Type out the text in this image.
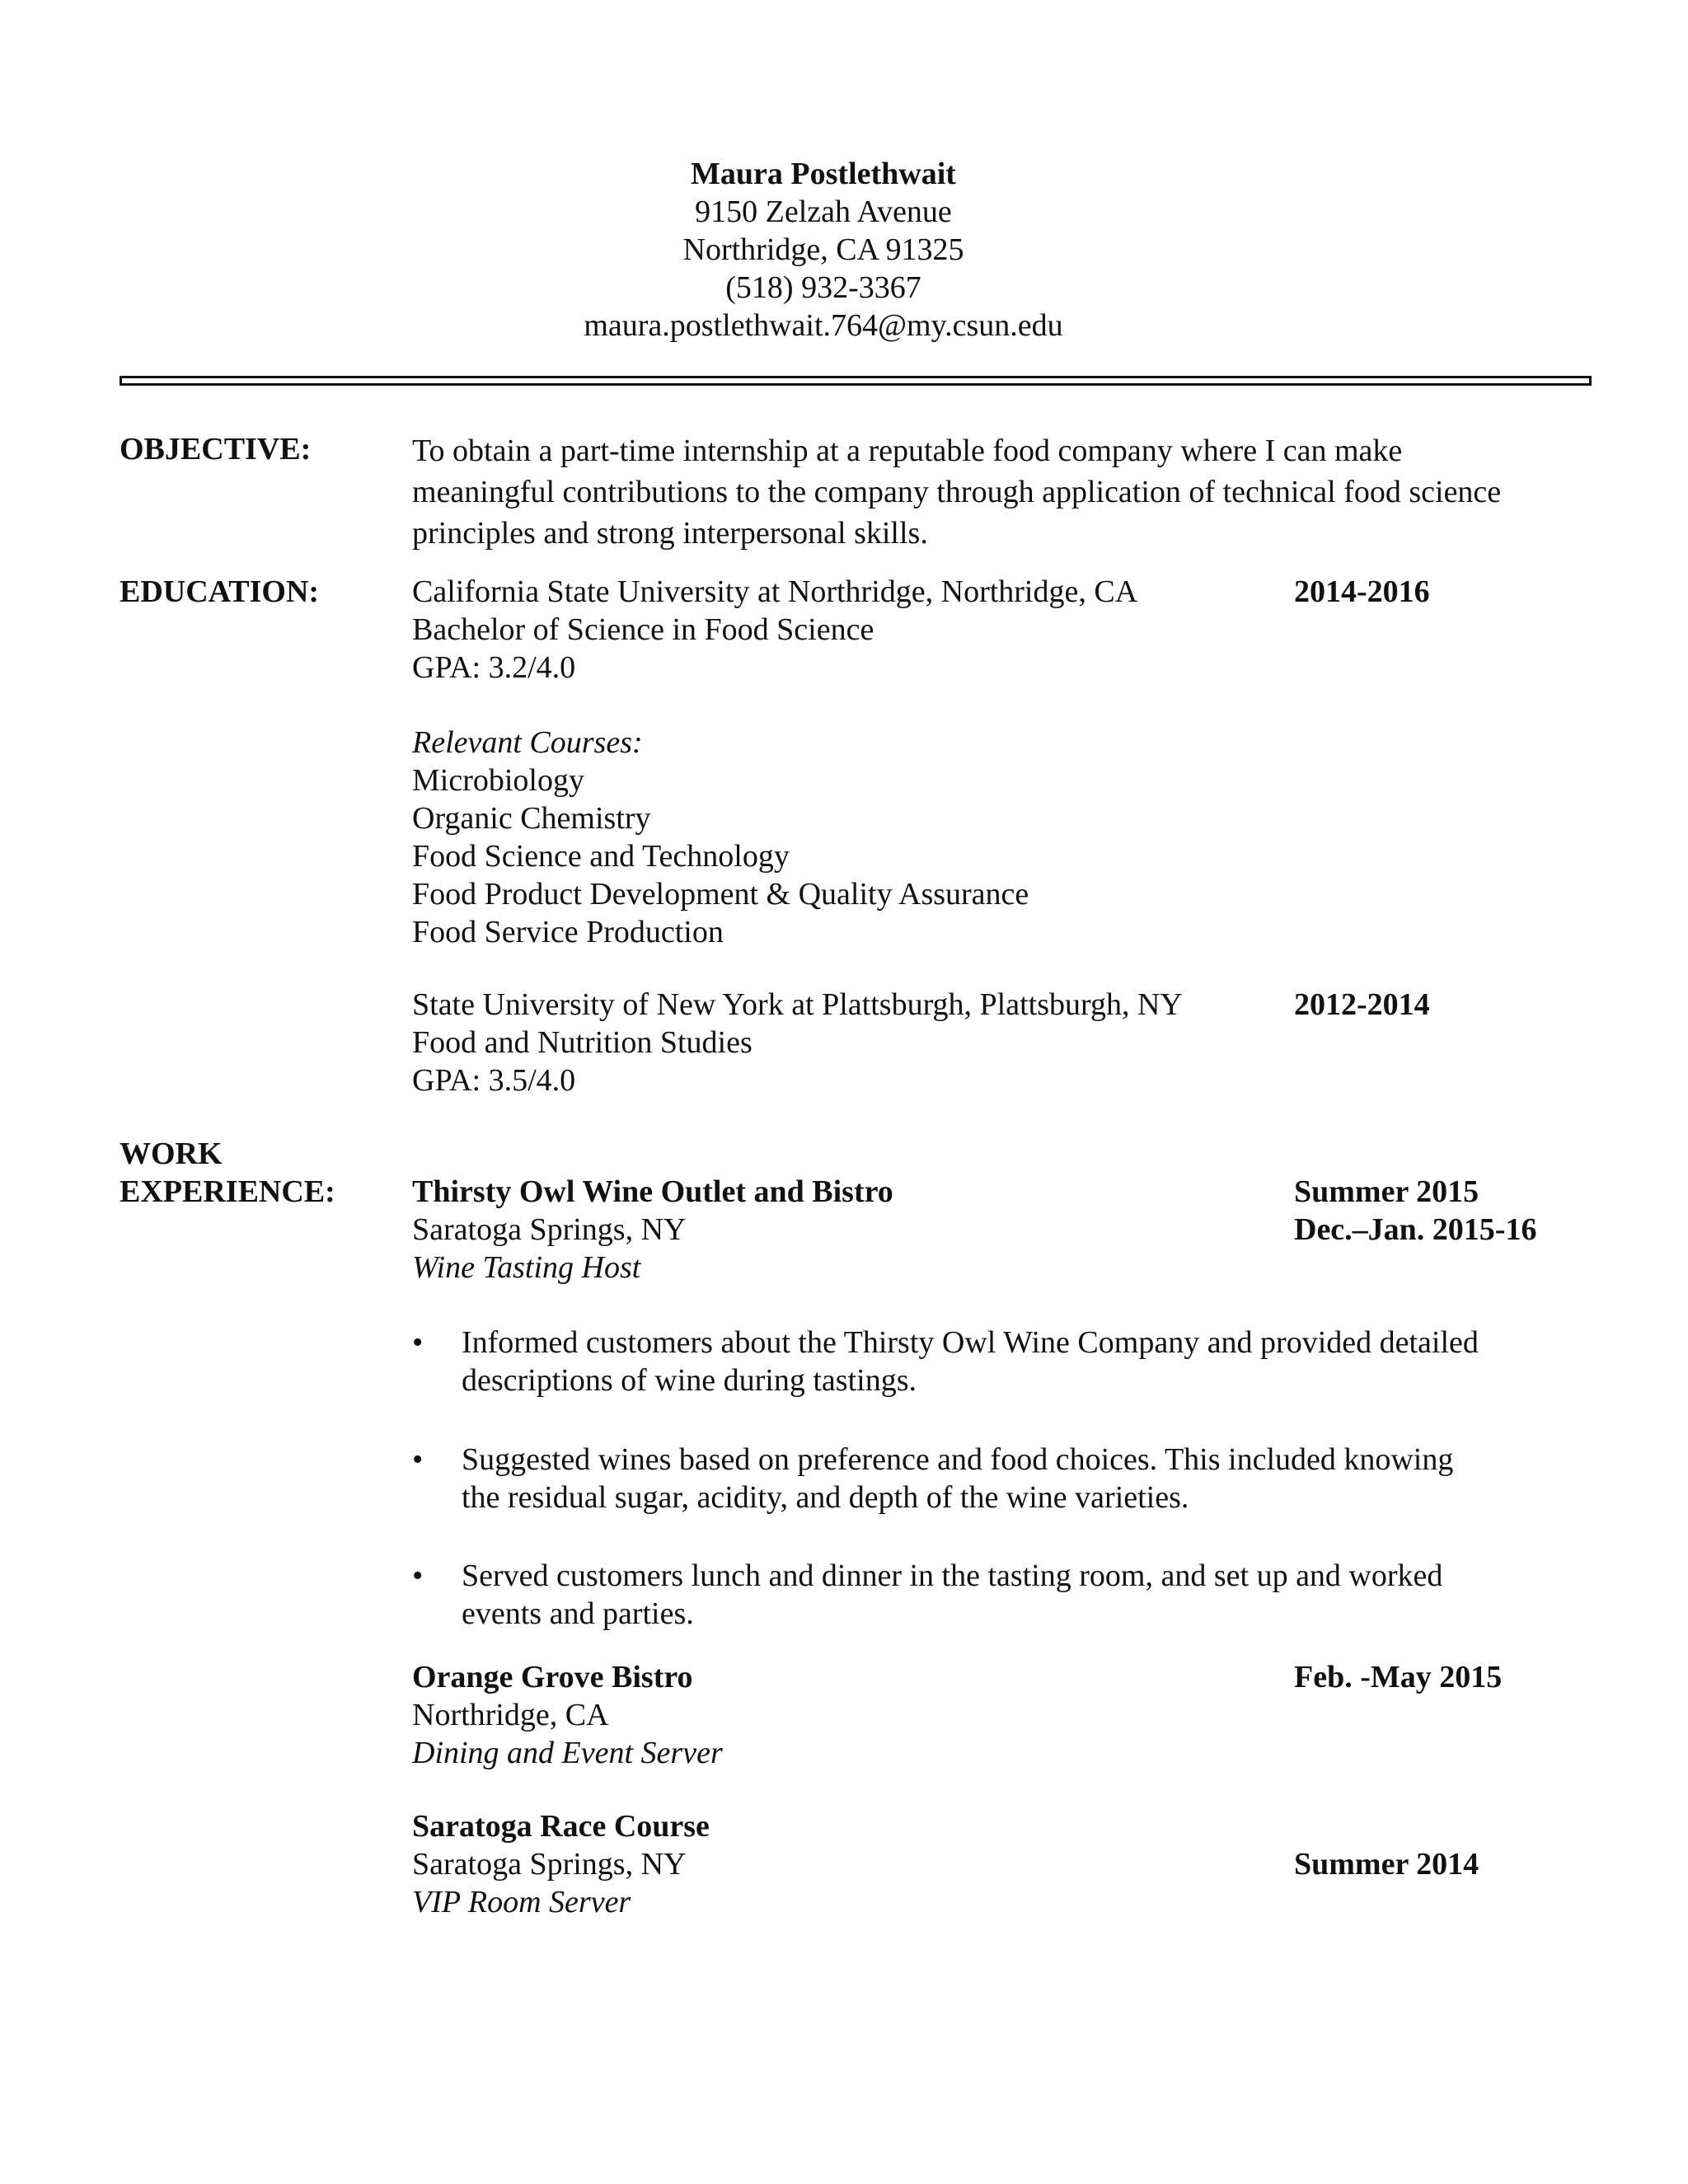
Maura Postlethwait
9150 Zelzah Avenue
Northridge, CA 91325
(518) 932-3367
maura.postlethwait.764@my.csun.edu
OBJECTIVE:	To obtain a part-time internship at a reputable food company where I can make
meaningful contributions to the company through application of technical food science
principles and strong interpersonal skills.
EDUCATION:	California State University at Northridge, Northridge, CA
Bachelor of Science in Food Science
GPA: 3.2/4.0
2014-2016
Relevant Courses:
Microbiology
Organic Chemistry
Food Science and Technology
Food Product Development & Quality Assurance
Food Service Production
State University of New York at Plattsburgh, Plattsburgh, NY
Food and Nutrition Studies
GPA: 3.5/4.0
2012-2014
WORK
EXPERIENCE: Thirsty Owl Wine Outlet and Bistro
Saratoga Springs, NY
Wine Tasting Host
Summer 2015
Dec.–Jan. 2015-16
• Informed customers about the Thirsty Owl Wine Company and provided detailed
descriptions of wine during tastings.
• Suggested wines based on preference and food choices. This included knowing
the residual sugar, acidity, and depth of the wine varieties.
• Served customers lunch and dinner in the tasting room, and set up and worked
events and parties.
Orange Grove Bistro
Northridge, CA
Dining and Event Server
Feb. -May 2015
Saratoga Race Course
Saratoga Springs, NY
VIP Room Server
Summer 2014
